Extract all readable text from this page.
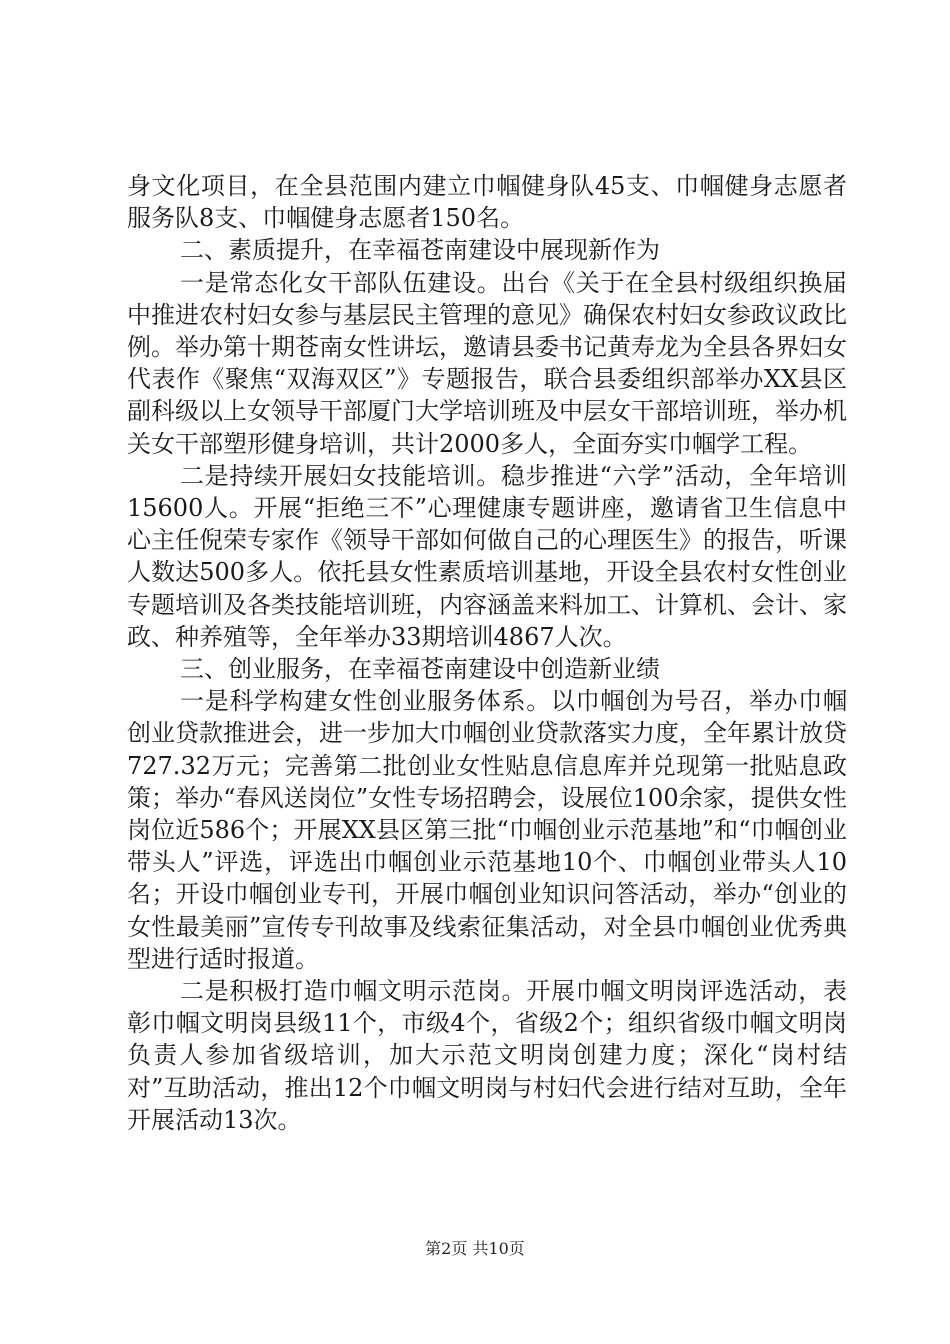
身文化项目，在全县范围内建立巾帼健身队45支、巾帼健身志愿者服务队8支、巾帼健身志愿者150名。

二、素质提升，在幸福苍南建设中展现新作为

一是常态化女干部队伍建设。出台《关于在全县村级组织换届中推进农村妇女参与基层民主管理的意见》确保农村妇女参政议政比例。举办第十期苍南女性讲坛，邀请县委书记黄寿龙为全县各界妇女代表作《聚焦“双海双区”》专题报告，联合县委组织部举办XX县区副科级以上女领导干部厦门大学培训班及中层女干部培训班，举办机关女干部塑形健身培训，共计2000多人，全面夯实巾帼学工程。

二是持续开展妇女技能培训。稳步推进“六学”活动，全年培训15600人。开展“拒绝三不”心理健康专题讲座，邀请省卫生信息中心主任倪荣专家作《领导干部如何做自己的心理医生》的报告，听课人数达500多人。依托县女性素质培训基地，开设全县农村女性创业专题培训及各类技能培训班，内容涵盖来料加工、计算机、会计、家政、种养殖等，全年举办33期培训4867人次。

三、创业服务，在幸福苍南建设中创造新业绩

一是科学构建女性创业服务体系。以巾帼创为号召，举办巾帼创业贷款推进会，进一步加大巾帼创业贷款落实力度，全年累计放贷727.32万元；完善第二批创业女性贴息信息库并兑现第一批贴息政策；举办“春风送岗位”女性专场招聘会，设展位100余家，提供女性岗位近586个；开展XX县区第三批“巾帼创业示范基地”和“巾帼创业带头人”评选，评选出巾帼创业示范基地10个、巾帼创业带头人10名；开设巾帼创业专刊，开展巾帼创业知识问答活动，举办“创业的女性最美丽”宣传专刊故事及线索征集活动，对全县巾帼创业优秀典型进行适时报道。

二是积极打造巾帼文明示范岗。开展巾帼文明岗评选活动，表彰巾帼文明岗县级11个，市级4个，省级2个；组织省级巾帼文明岗负责人参加省级培训，加大示范文明岗创建力度；深化“岗村结对”互助活动，推出12个巾帼文明岗与村妇代会进行结对互助，全年开展活动13次。

第2页 共10页
